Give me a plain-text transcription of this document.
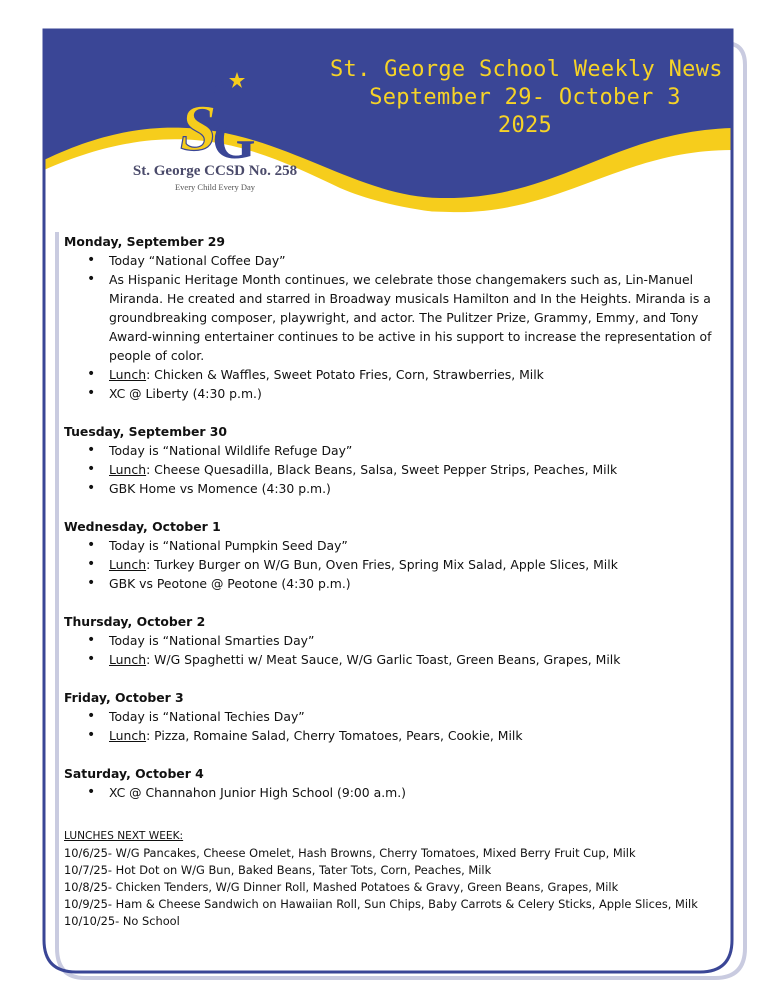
St. George School Weekly News
September 29- October 3
2025
S
G
St. George CCSD No. 258
Every Child Every Day
Monday, September 29
• Today “National Coffee Day”
• As Hispanic Heritage Month continues, we celebrate those changemakers such as, Lin-Manuel Miranda. He created and starred in Broadway musicals Hamilton and In the Heights. Miranda is a groundbreaking composer, playwright, and actor. The Pulitzer Prize, Grammy, Emmy, and Tony Award-winning entertainer continues to be active in his support to increase the representation of people of color.
• Lunch: Chicken & Waffles, Sweet Potato Fries, Corn, Strawberries, Milk
• XC @ Liberty (4:30 p.m.)
Tuesday, September 30
• Today is “National Wildlife Refuge Day”
• Lunch: Cheese Quesadilla, Black Beans, Salsa, Sweet Pepper Strips, Peaches, Milk
• GBK Home vs Momence (4:30 p.m.)
Wednesday, October 1
• Today is “National Pumpkin Seed Day”
• Lunch: Turkey Burger on W/G Bun, Oven Fries, Spring Mix Salad, Apple Slices, Milk
• GBK vs Peotone @ Peotone (4:30 p.m.)
Thursday, October 2
• Today is “National Smarties Day”
• Lunch: W/G Spaghetti w/ Meat Sauce, W/G Garlic Toast, Green Beans, Grapes, Milk
Friday, October 3
• Today is “National Techies Day”
• Lunch: Pizza, Romaine Salad, Cherry Tomatoes, Pears, Cookie, Milk
Saturday, October 4
• XC @ Channahon Junior High School (9:00 a.m.)
LUNCHES NEXT WEEK:
10/6/25- W/G Pancakes, Cheese Omelet, Hash Browns, Cherry Tomatoes, Mixed Berry Fruit Cup, Milk
10/7/25- Hot Dot on W/G Bun, Baked Beans, Tater Tots, Corn, Peaches, Milk
10/8/25- Chicken Tenders, W/G Dinner Roll, Mashed Potatoes & Gravy, Green Beans, Grapes, Milk
10/9/25- Ham & Cheese Sandwich on Hawaiian Roll, Sun Chips, Baby Carrots & Celery Sticks, Apple Slices, Milk
10/10/25- No School
